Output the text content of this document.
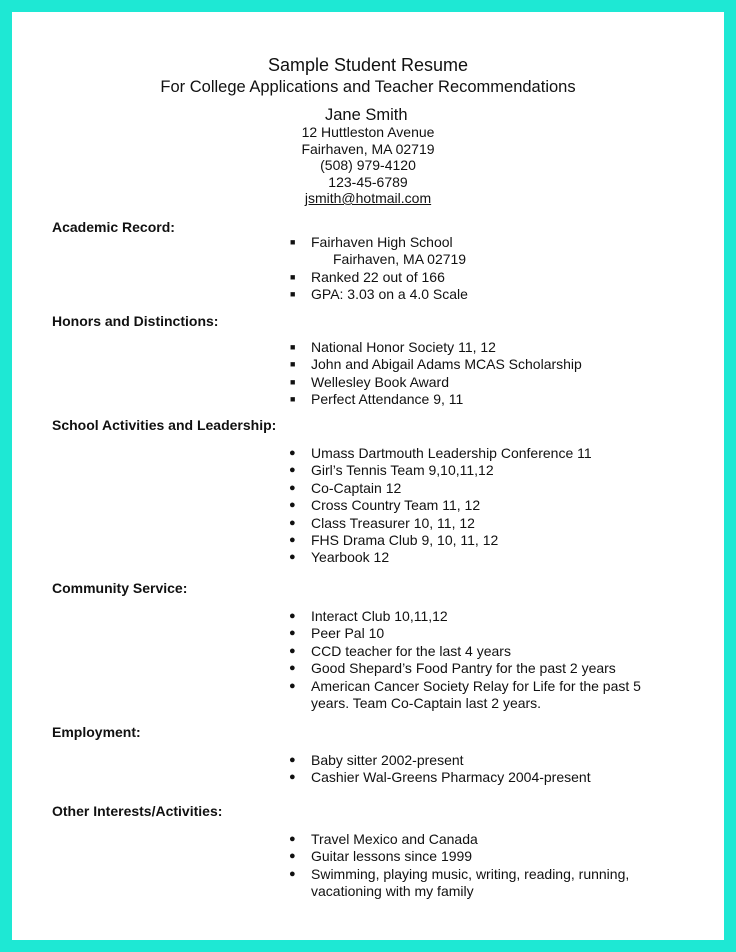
Sample Student Resume
For College Applications and Teacher Recommendations
Jane Smith
12 Huttleston Avenue
Fairhaven, MA 02719
(508) 979-4120
123-45-6789
jsmith@hotmail.com
Academic Record:
■ Fairhaven High School
Fairhaven, MA 02719
■ Ranked 22 out of 166
■ GPA: 3.03 on a 4.0 Scale
Honors and Distinctions:
■ National Honor Society 11, 12
■ John and Abigail Adams MCAS Scholarship
■ Wellesley Book Award
■ Perfect Attendance 9, 11
School Activities and Leadership:
● Umass Dartmouth Leadership Conference 11
● Girl’s Tennis Team 9,10,11,12
● Co-Captain 12
● Cross Country Team 11, 12
● Class Treasurer 10, 11, 12
● FHS Drama Club 9, 10, 11, 12
● Yearbook 12
Community Service:
● Interact Club 10,11,12
● Peer Pal 10
● CCD teacher for the last 4 years
● Good Shepard’s Food Pantry for the past 2 years
● American Cancer Society Relay for Life for the past 5
years. Team Co-Captain last 2 years.
Employment:
● Baby sitter 2002-present
● Cashier Wal-Greens Pharmacy 2004-present
Other Interests/Activities:
● Travel Mexico and Canada
● Guitar lessons since 1999
● Swimming, playing music, writing, reading, running,
vacationing with my family
